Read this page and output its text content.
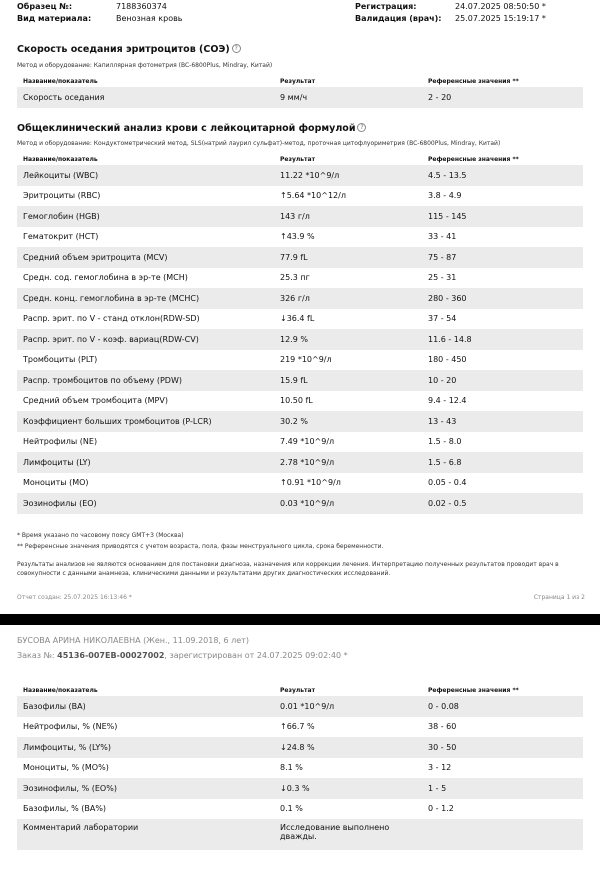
Образец №:	7188360374
Вид материала:	Венозная кровь
Регистрация:	24.07.2025 08:50:50 *
Валидация (врач): 25.07.2025 15:19:17 *
Скорость оседания эритроцитов (СОЭ) ?
Метод и оборудование: Капиллярная фотометрия (BC-6800Plus, Mindray, Китай)
Название/показатель	Результат	Референсные значения **
Скорость оседания	9 мм/ч	2 - 20
Общеклинический анализ крови с лейкоцитарной формулой ?
Метод и оборудование: Кондуктометрический метод, SLS(натрий лаурил сульфат)-метод, проточная цитофлуориметрия (BC-6800Plus, Mindray, Китай)
Название/показатель	Результат	Референсные значения **
Лейкоциты (WBC)	11.22 *10^9/л	4.5 - 13.5
Эритроциты (RBC)	↑5.64 *10^12/л	3.8 - 4.9
Гемоглобин (HGB)	143 г/л	115 - 145
Гематокрит (HCT)	↑43.9 %	33 - 41
Средний объем эритроцита (MCV)	77.9 fL	75 - 87
Средн. сод. гемоглобина в эр-те (MCH)	25.3 пг	25 - 31
Средн. конц. гемоглобина в эр-те (MCHC)	326 г/л	280 - 360
Распр. эрит. по V - станд отклон(RDW-SD)	↓36.4 fL	37 - 54
Распр. эрит. по V - коэф. вариац(RDW-CV)	12.9 %	11.6 - 14.8
Тромбоциты (PLT)	219 *10^9/л	180 - 450
Распр. тромбоцитов по объему (PDW)	15.9 fL	10 - 20
Средний объем тромбоцита (MPV)	10.50 fL	9.4 - 12.4
Коэффициент больших тромбоцитов (P-LCR)	30.2 %	13 - 43
Нейтрофилы (NE)	7.49 *10^9/л	1.5 - 8.0
Лимфоциты (LY)	2.78 *10^9/л	1.5 - 6.8
Моноциты (MO)	↑0.91 *10^9/л	0.05 - 0.4
Эозинофилы (EO)	0.03 *10^9/л	0.02 - 0.5
* Время указано по часовому поясу GMT+3 (Москва)
** Референсные значения приводятся с учетом возраста, пола, фазы менструального цикла, срока беременности.
Результаты анализов не являются основанием для постановки диагноза, назначения или коррекции лечения. Интерпретацию полученных результатов проводит врач в совокупности с данными анамнеза, клиническими данными и результатами других диагностических исследований.
Отчет создан: 25.07.2025 16:13:46 *	Страница 1 из 2
БУСОВА АРИНА НИКОЛАЕВНА (Жен., 11.09.2018, 6 лет)
Заказ №: 45136-007EB-00027002, зарегистрирован от 24.07.2025 09:02:40 *
Название/показатель	Результат	Референсные значения **
Базофилы (BA)	0.01 *10^9/л	0 - 0.08
Нейтрофилы, % (NE%)	↑66.7 %	38 - 60
Лимфоциты, % (LY%)	↓24.8 %	30 - 50
Моноциты, % (MO%)	8.1 %	3 - 12
Эозинофилы, % (EO%)	↓0.3 %	1 - 5
Базофилы, % (BA%)	0.1 %	0 - 1.2
Комментарий лаборатории	Исследование выполнено дважды.	
